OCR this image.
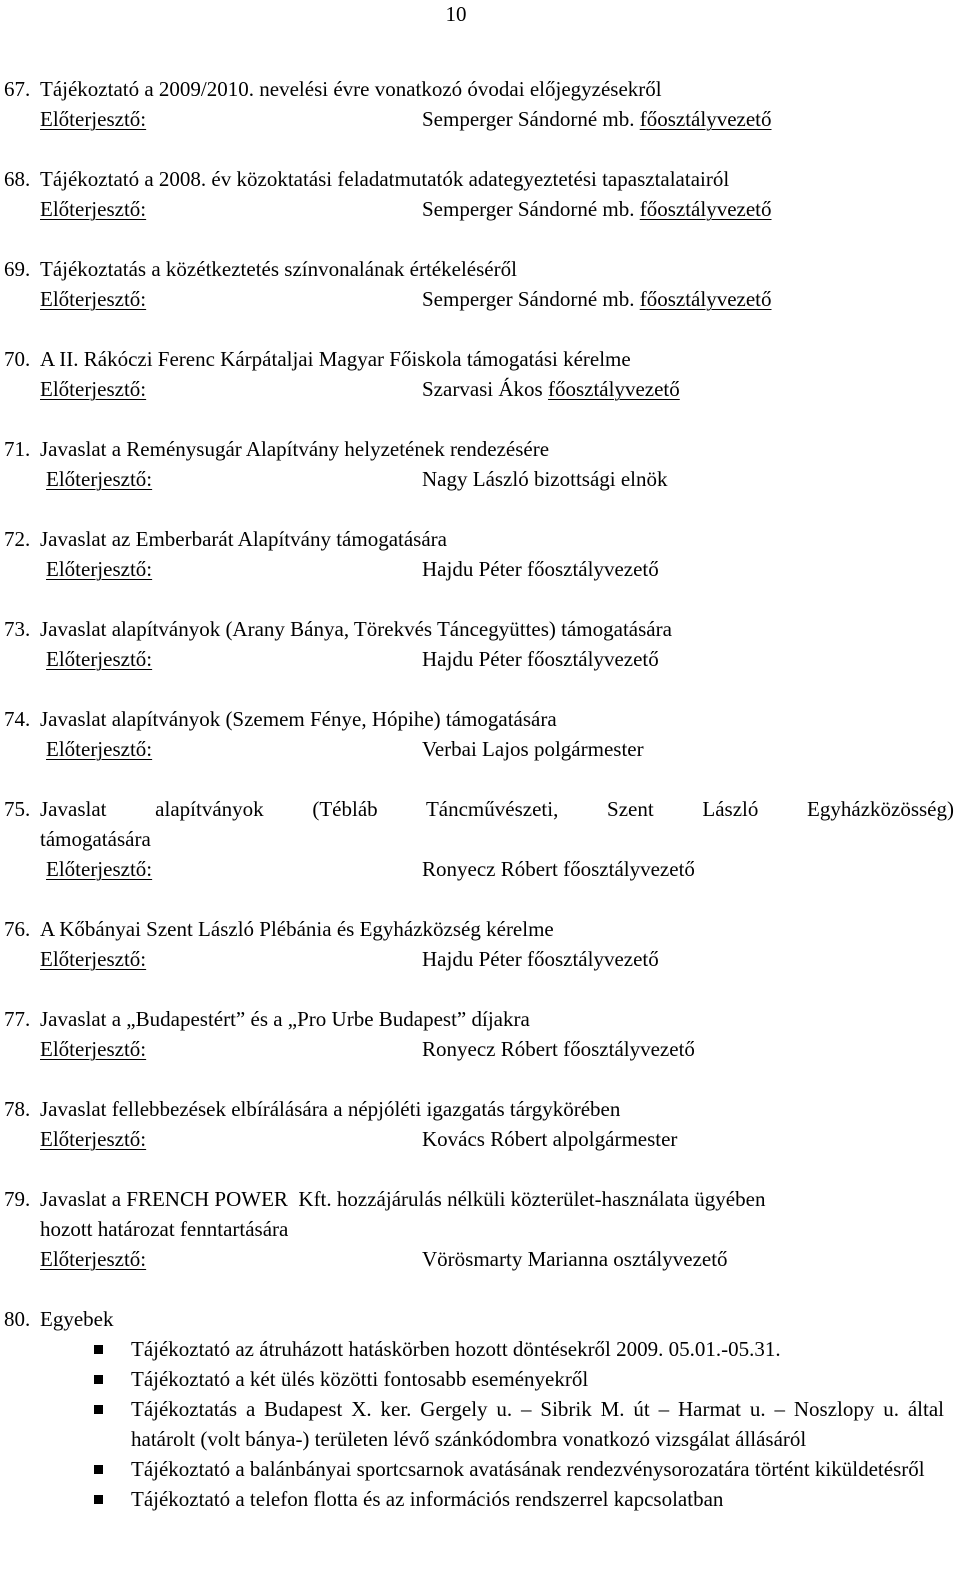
10
67. Tájékoztató a 2009/2010. nevelési évre vonatkozó óvodai előjegyzésekről
Előterjesztő:	Semperger Sándorné mb. főosztályvezető
68. Tájékoztató a 2008. év közoktatási feladatmutatók adategyeztetési tapasztalatairól
Előterjesztő:	Semperger Sándorné mb. főosztályvezető
69. Tájékoztatás a közétkeztetés színvonalának értékeléséről
Előterjesztő:	Semperger Sándorné mb. főosztályvezető
70. A II. Rákóczi Ferenc Kárpátaljai Magyar Főiskola támogatási kérelme
Előterjesztő:	Szarvasi Ákos főosztályvezető
71. Javaslat a Reménysugár Alapítvány helyzetének rendezésére
Előterjesztő:	Nagy László bizottsági elnök
72. Javaslat az Emberbarát Alapítvány támogatására
Előterjesztő:	Hajdu Péter főosztályvezető
73. Javaslat alapítványok (Arany Bánya, Törekvés Táncegyüttes) támogatására
Előterjesztő:	Hajdu Péter főosztályvezető
74. Javaslat alapítványok (Szemem Fénye, Hópihe) támogatására
Előterjesztő:	Verbai Lajos polgármester
75. Javaslat alapítványok (Tébláb Táncművészeti, Szent László Egyházközösség)
támogatására
Előterjesztő:	Ronyecz Róbert főosztályvezető
76. A Kőbányai Szent László Plébánia és Egyházközség kérelme
Előterjesztő:	Hajdu Péter főosztályvezető
77. Javaslat a „Budapestért” és a „Pro Urbe Budapest” díjakra
Előterjesztő:	Ronyecz Róbert főosztályvezető
78. Javaslat fellebbezések elbírálására a népjóléti igazgatás tárgykörében
Előterjesztő:	Kovács Róbert alpolgármester
79. Javaslat a FRENCH POWER  Kft. hozzájárulás nélküli közterület-használata ügyében
hozott határozat fenntartására
Előterjesztő:	Vörösmarty Marianna osztályvezető
80. Egyebek
Tájékoztató az átruházott hatáskörben hozott döntésekről 2009. 05.01.-05.31.
Tájékoztató a két ülés közötti fontosabb eseményekről
Tájékoztatás a Budapest X. ker. Gergely u. – Sibrik M. út – Harmat u. – Noszlopy u. által határolt (volt bánya-) területen lévő szánkódombra vonatkozó vizsgálat állásáról
Tájékoztató a balánbányai sportcsarnok avatásának rendezvénysorozatára történt kiküldetésről
Tájékoztató a telefon flotta és az információs rendszerrel kapcsolatban
